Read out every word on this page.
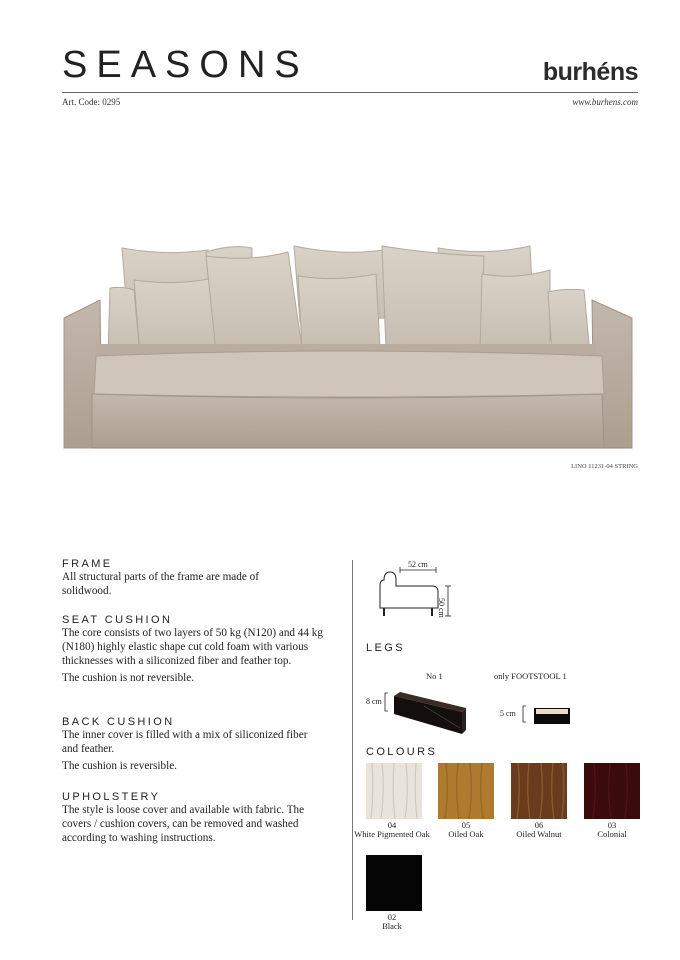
SEASONS	burhéns
Art. Code: 0295	www.burhens.com
LINO 11231-04 STRING
FRAME
All structural parts of the frame are made of solidwood.
SEAT CUSHION
The core consists of two layers of 50 kg (N120) and 44 kg (N180) highly elastic shape cut cold foam with various thicknesses with a siliconized fiber and feather top.
The cushion is not reversible.
BACK CUSHION
The inner cover is filled with a mix of siliconized fiber and feather.
The cushion is reversible.
UPHOLSTERY
The style is loose cover and available with fabric. The covers / cushion covers, can be removed and washed according to washing instructions.
52 cm
50 cm
LEGS
No 1	only FOOTSTOOL 1
8 cm
5 cm
COLOURS
04
White Pigmented Oak
05
Oiled Oak
06
Oiled Walnut
03
Colonial
02
Black
